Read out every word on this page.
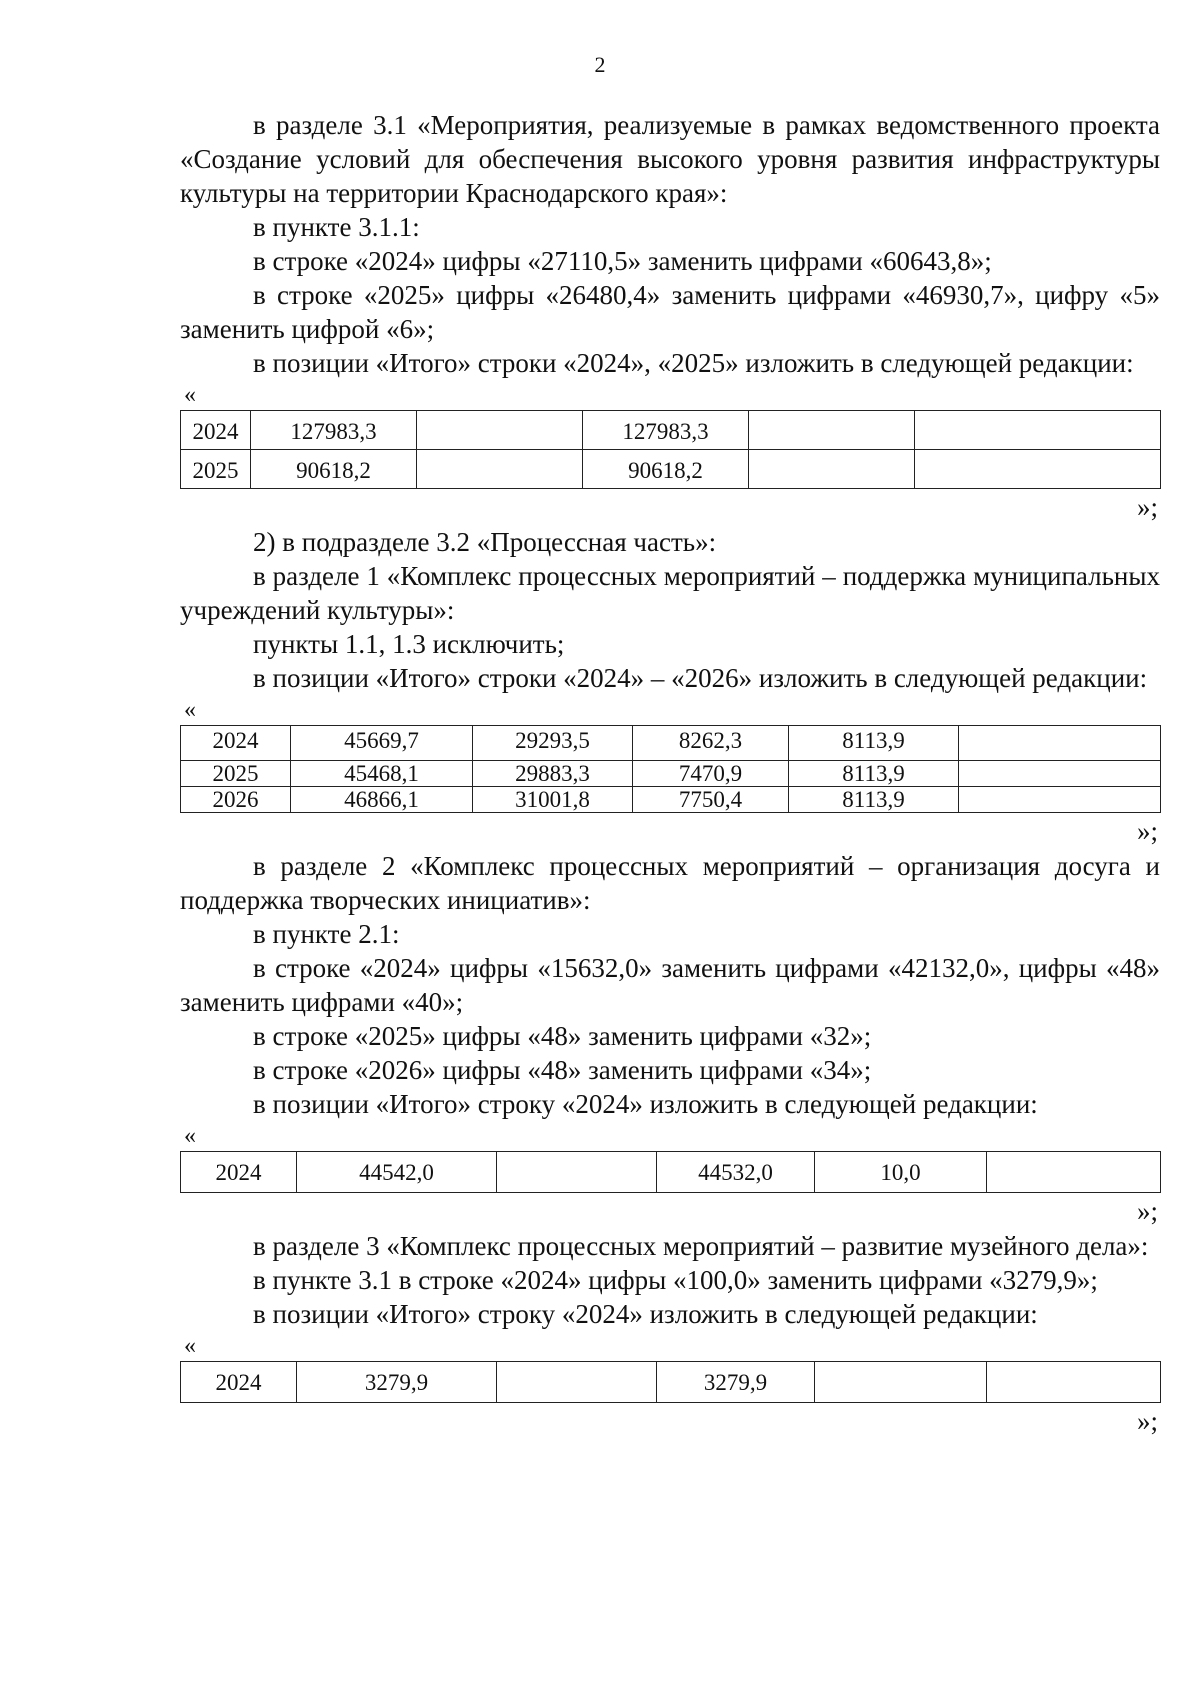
2

в разделе 3.1 «Мероприятия, реализуемые в рамках ведомственного проекта «Создание условий для обеспечения высокого уровня развития инфраструктуры культуры на территории Краснодарского края»:

в пункте 3.1.1:

в строке «2024» цифры «27110,5» заменить цифрами «60643,8»;

в строке «2025» цифры «26480,4» заменить цифрами «46930,7», цифру «5» заменить цифрой «6»;

в позиции «Итого» строки «2024», «2025» изложить в следующей редакции:

«
2024	127983,3		127983,3		
2025	90618,2		90618,2		
»;

2) в подразделе 3.2 «Процессная часть»:

в разделе 1 «Комплекс процессных мероприятий – поддержка муниципальных учреждений культуры»:

пункты 1.1, 1.3 исключить;

в позиции «Итого» строки «2024» – «2026» изложить в следующей редакции:

«
2024	45669,7	29293,5	8262,3	8113,9	
2025	45468,1	29883,3	7470,9	8113,9	
2026	46866,1	31001,8	7750,4	8113,9	
»;

в разделе 2 «Комплекс процессных мероприятий – организация досуга и поддержка творческих инициатив»:

в пункте 2.1:

в строке «2024» цифры «15632,0» заменить цифрами «42132,0», цифры «48» заменить цифрами «40»;

в строке «2025» цифры «48» заменить цифрами «32»;

в строке «2026» цифры «48» заменить цифрами «34»;

в позиции «Итого» строку «2024» изложить в следующей редакции:

«
2024	44542,0		44532,0	10,0	
»;

в разделе 3 «Комплекс процессных мероприятий – развитие музейного дела»:

в пункте 3.1 в строке «2024» цифры «100,0» заменить цифрами «3279,9»;

в позиции «Итого» строку «2024» изложить в следующей редакции:

«
2024	3279,9		3279,9		
»;
